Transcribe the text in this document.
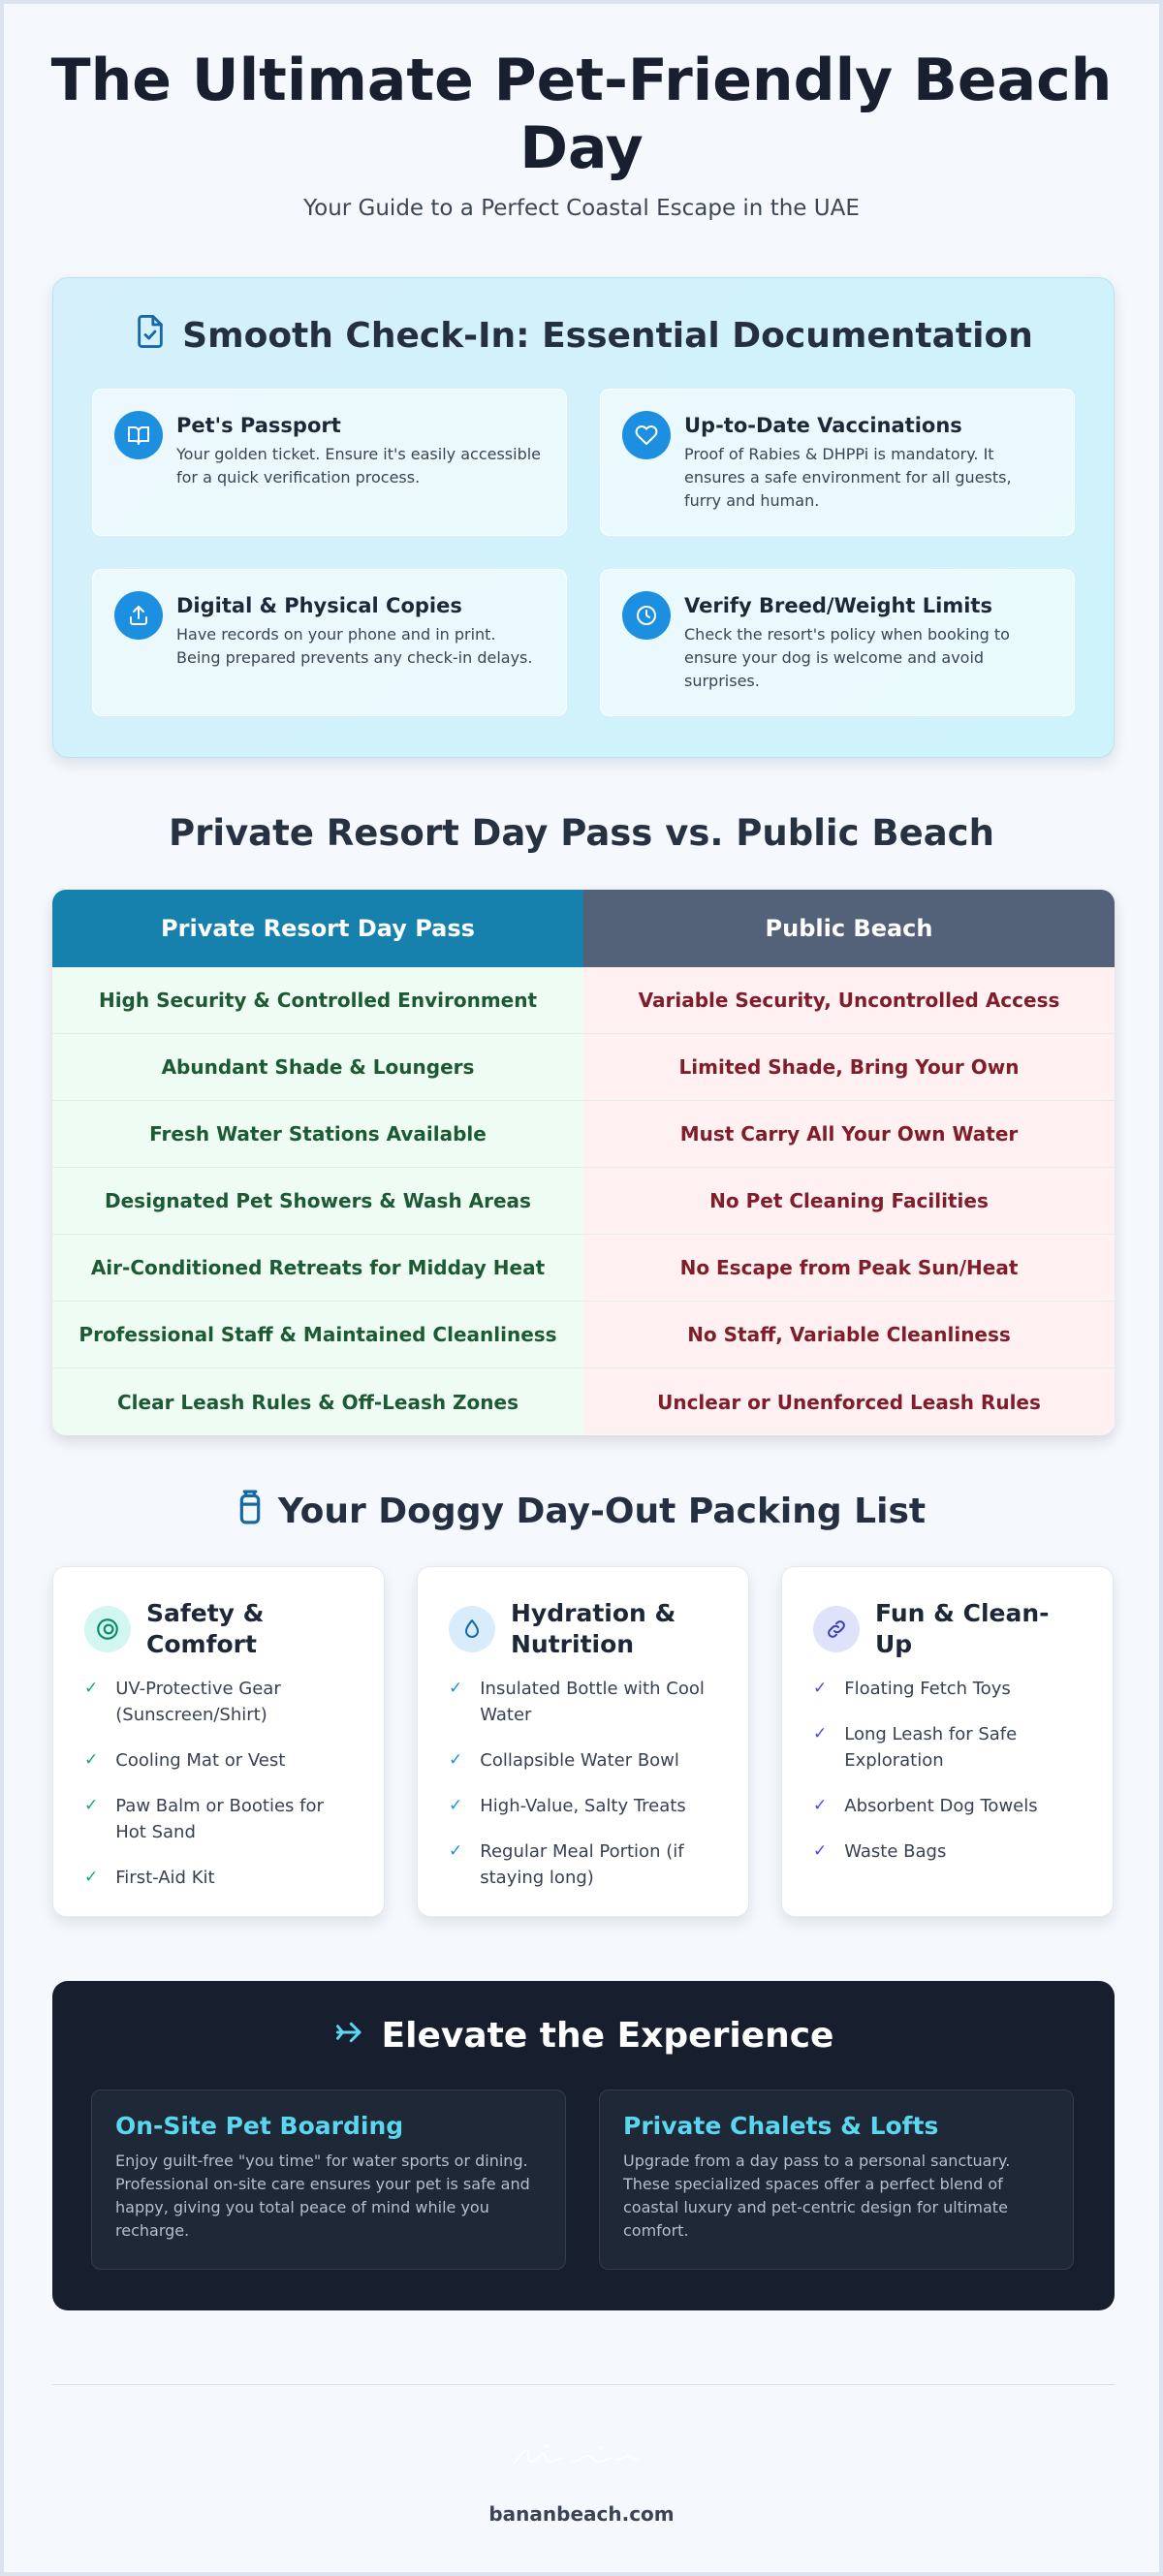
The Ultimate Pet-Friendly Beach Day

Your Guide to a Perfect Coastal Escape in the UAE

Smooth Check-In: Essential Documentation
Pet's Passport

Your golden ticket. Ensure it's easily accessible for a quick verification process.

Up-to-Date Vaccinations

Proof of Rabies & DHPPi is mandatory. It ensures a safe environment for all guests, furry and human.

Digital & Physical Copies

Have records on your phone and in print. Being prepared prevents any check-in delays.

Verify Breed/Weight Limits

Check the resort's policy when booking to ensure your dog is welcome and avoid surprises.

Private Resort Day Pass vs. Public Beach
Private Resort Day Pass	Public Beach
High Security & Controlled Environment	Variable Security, Uncontrolled Access
Abundant Shade & Loungers	Limited Shade, Bring Your Own
Fresh Water Stations Available	Must Carry All Your Own Water
Designated Pet Showers & Wash Areas	No Pet Cleaning Facilities
Air-Conditioned Retreats for Midday Heat	No Escape from Peak Sun/Heat
Professional Staff & Maintained Cleanliness	No Staff, Variable Cleanliness
Clear Leash Rules & Off-Leash Zones	Unclear or Unenforced Leash Rules
Your Doggy Day-Out Packing List
Safety & Comfort
✓ UV-Protective Gear (Sunscreen/Shirt)
✓ Cooling Mat or Vest
✓ Paw Balm or Booties for Hot Sand
✓ First-Aid Kit
Hydration & Nutrition
✓ Insulated Bottle with Cool Water
✓ Collapsible Water Bowl
✓ High-Value, Salty Treats
✓ Regular Meal Portion (if staying long)
Fun & Clean-Up
✓ Floating Fetch Toys
✓ Long Leash for Safe Exploration
✓ Absorbent Dog Towels
✓ Waste Bags
Elevate the Experience
On-Site Pet Boarding

Enjoy guilt-free "you time" for water sports or dining. Professional on-site care ensures your pet is safe and happy, giving you total peace of mind while you recharge.

Private Chalets & Lofts

Upgrade from a day pass to a personal sanctuary. These specialized spaces offer a perfect blend of coastal luxury and pet-centric design for ultimate comfort.

bananbeach.com
